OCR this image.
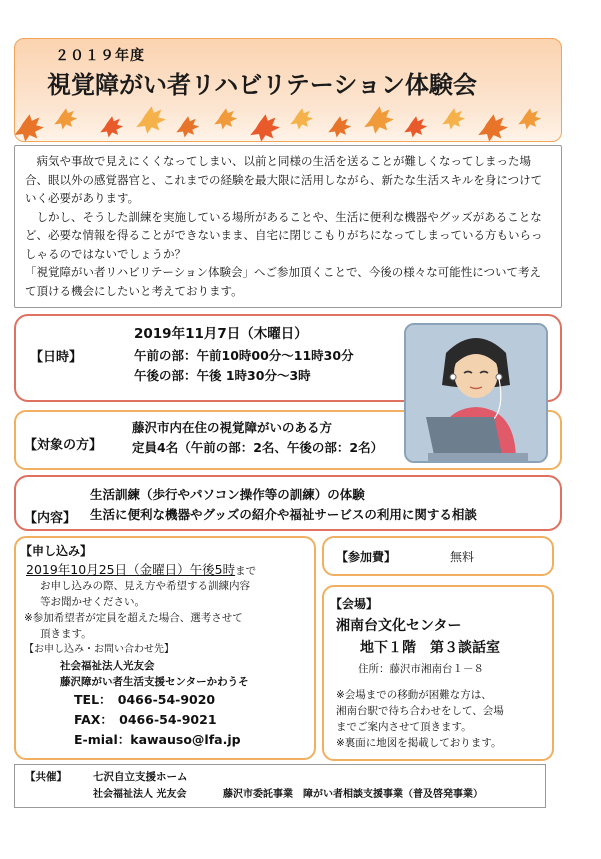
２０１９年度
視覚障がい者リハビリテーション体験会

　病気や事故で見えにくくなってしまい、以前と同様の生活を送ることが難しくなってしまった場合、眼以外の感覚器官と、これまでの経験を最大限に活用しながら、新たな生活スキルを身につけていく必要があります。

　しかし、そうした訓練を実施している場所があることや、生活に便利な機器やグッズがあることなど、必要な情報を得ることができないまま、自宅に閉じこもりがちになってしまっている方もいらっしゃるのではないでしょうか？

「視覚障がい者リハビリテーション体験会」へご参加頂くことで、今後の様々な可能性について考えて頂ける機会にしたいと考えております。

【日時】
2019年11月7日（木曜日）
午前の部：午前10時00分～11時30分
午後の部：午後 1時30分～3時
【対象の方】
藤沢市内在住の視覚障がいのある方
定員4名（午前の部：2名、午後の部：2名）
【内容】
生活訓練（歩行やパソコン操作等の訓練）の体験
生活に便利な機器やグッズの紹介や福祉サービスの利用に関する相談
【申し込み】
2019年10月25日（金曜日）午後5時まで
お申し込みの際、見え方や希望する訓練内容
等お聞かせください。
※参加希望者が定員を超えた場合、選考させて
頂きます。
【お申し込み・お問い合わせ先】
社会福祉法人光友会
藤沢障がい者生活支援センターかわうそ
TEL：　0466-54-9020
FAX：　0466-54-9021
E-mial：kawauso@lfa.jp
【参加費】	無料
【会場】
湘南台文化センター
地下１階　第３談話室
住所：藤沢市湘南台１－８
※会場までの移動が困難な方は、
湘南台駅で待ち合わせをして、会場
までご案内させて頂きます。
※裏面に地図を掲載しております。
【共催】 七沢自立支援ホーム
社会福祉法人 光友会	藤沢市委託事業　障がい者相談支援事業（普及啓発事業）
